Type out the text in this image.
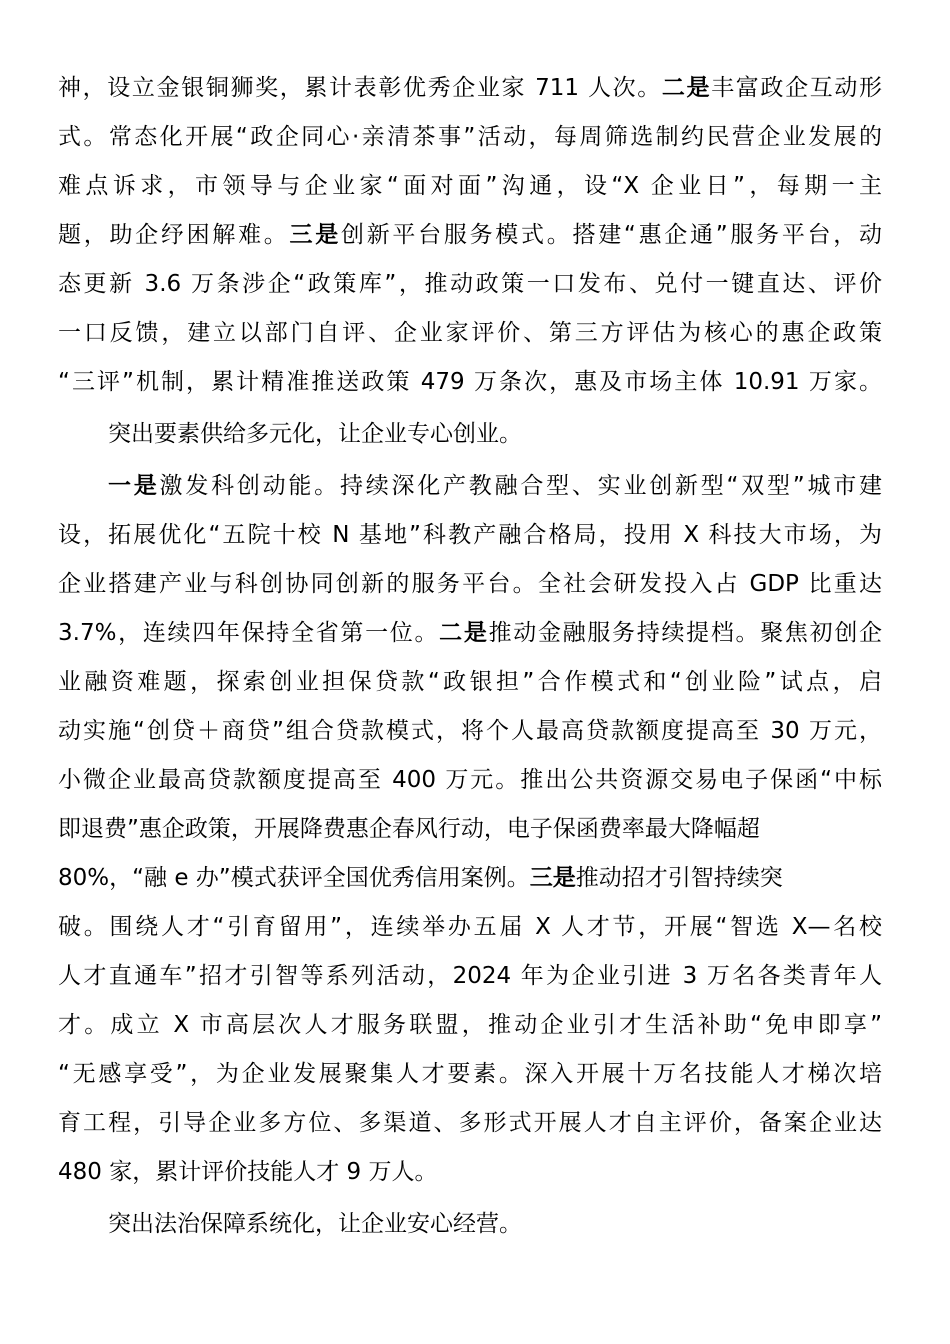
神，设立金银铜狮奖，累计表彰优秀企业家 711 人次。二是丰富政企互动形
式。常态化开展“政企同心·亲清茶事”活动，每周筛选制约民营企业发展的
难点诉求，市领导与企业家“面对面”沟通，设“X 企业日”，每期一主
题，助企纾困解难。三是创新平台服务模式。搭建“惠企通”服务平台，动
态更新 3.6 万条涉企“政策库”，推动政策一口发布、兑付一键直达、评价
一口反馈，建立以部门自评、企业家评价、第三方评估为核心的惠企政策
“三评”机制，累计精准推送政策 479 万条次，惠及市场主体 10.91 万家。
突出要素供给多元化，让企业专心创业。
一是激发科创动能。持续深化产教融合型、实业创新型“双型”城市建
设，拓展优化“五院十校 N 基地”科教产融合格局，投用 X 科技大市场，为
企业搭建产业与科创协同创新的服务平台。全社会研发投入占 GDP 比重达
3.7%，连续四年保持全省第一位。二是推动金融服务持续提档。聚焦初创企
业融资难题，探索创业担保贷款“政银担”合作模式和“创业险”试点，启
动实施“创贷＋商贷”组合贷款模式，将个人最高贷款额度提高至 30 万元，
小微企业最高贷款额度提高至 400 万元。推出公共资源交易电子保函“中标
即退费”惠企政策，开展降费惠企春风行动，电子保函费率最大降幅超
80%，“融 e 办”模式获评全国优秀信用案例。三是推动招才引智持续突
破。围绕人才“引育留用”，连续举办五届 X 人才节，开展“智选 X—名校
人才直通车”招才引智等系列活动，2024 年为企业引进 3 万名各类青年人
才。成立 X 市高层次人才服务联盟，推动企业引才生活补助“免申即享”
“无感享受”，为企业发展聚集人才要素。深入开展十万名技能人才梯次培
育工程，引导企业多方位、多渠道、多形式开展人才自主评价，备案企业达
480 家，累计评价技能人才 9 万人。
突出法治保障系统化，让企业安心经营。
